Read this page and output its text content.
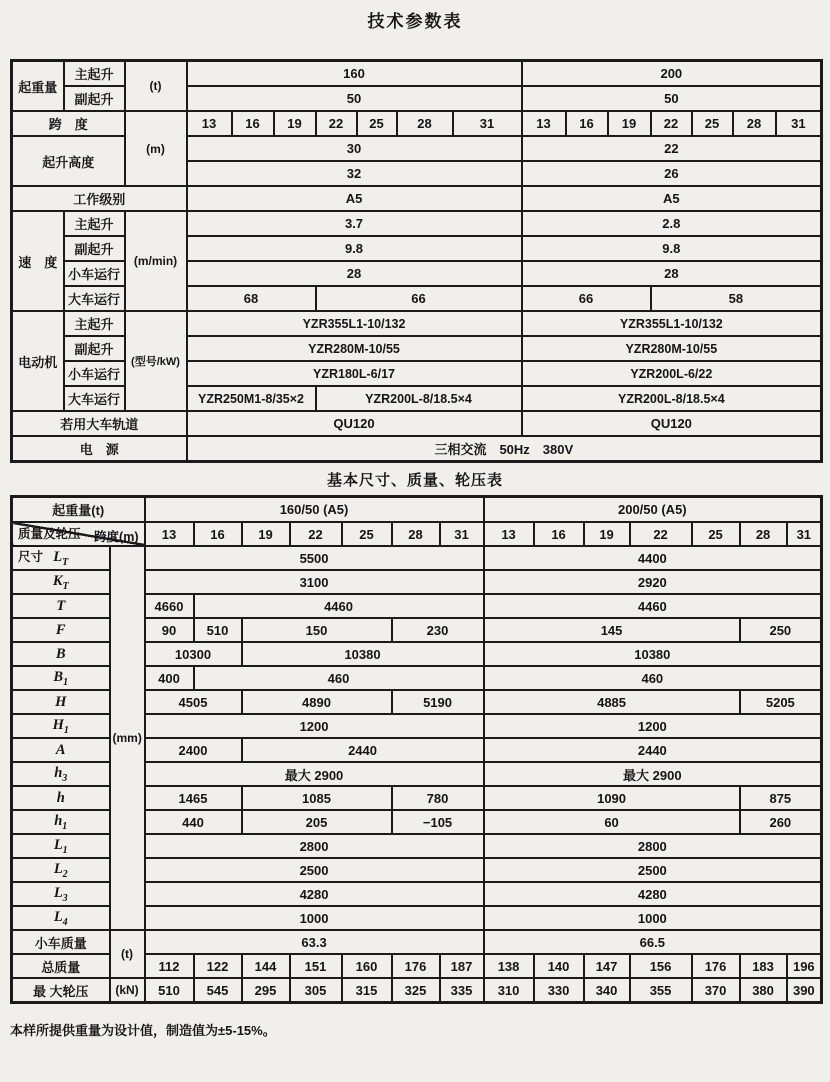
技术参数表
起重量	主起升	(t)	160							200						
	副起升		50							50						
跨　度		(m)	13	16	19	22	25	28	31	13	16	19	22	25	28	31
起升高度			30							22						
			32							26						
工作级别			A5							A5						
速　度	主起升	(m/min)	3.7							2.8						
	副起升		9.8							9.8						
	小车运行		28							28						
	大车运行		68			66				66			58			
电动机	主起升	(型号/kW)	YZR355L1-10/132							YZR355L1-10/132						
	副起升		YZR280M-10/55							YZR280M-10/55						
	小车运行		YZR180L-6/17							YZR200L-6/22						
	大车运行		YZR250M1-8/35×2			YZR200L-8/18.5×4				YZR200L-8/18.5×4						
若用大车轨道			QU120							QU120						
电　源			三相交流　50Hz　380V													
基本尺寸、质量、轮压表
起重量(t)		160/50 (A5)							200/50 (A5)						

跨度(m)
尺寸
质量及轮压		13	16	19	22	25	28	31	13	16	19	22	25	28	31
$L_T$	(mm)	5500							4400						
$K_T$		3100							2920						
T		4660	4460						4460						
F		90	510	150			230		145					250	
B		10300		10380					10380						
$B_1$		400	460						460						
H		4505		4890			5190		4885					5205	
$H_1$		1200							1200						
A		2400		2440					2440						
$h_3$		最大 2900							最大 2900						
h		1465		1085			780		1090					875	
$h_1$		440		205			−105		60					260	
$L_1$		2800							2800						
$L_2$		2500							2500						
$L_3$		4280							4280						
$L_4$		1000							1000						
小车质量	(t)	63.3							66.5						
总质量		112	122	144	151	160	176	187	138	140	147	156	176	183	196
最 大轮压	(kN)	510	545	295	305	315	325	335	310	330	340	355	370	380	390
本样所提供重量为设计值，制造值为±5-15%。
